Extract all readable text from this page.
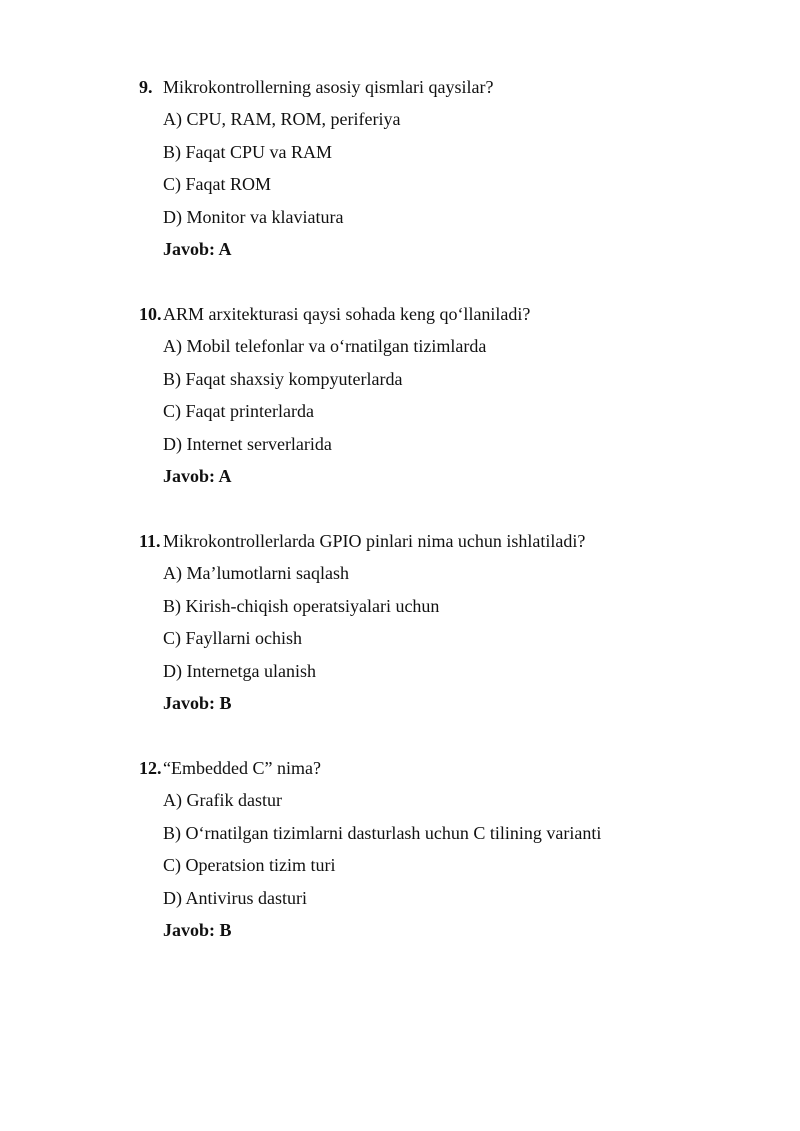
9. Mikrokontrollerning asosiy qismlari qaysilar?
A) CPU, RAM, ROM, periferiya
B) Faqat CPU va RAM
C) Faqat ROM
D) Monitor va klaviatura
Javob: A
10. ARM arxitekturasi qaysi sohada keng qo‘llaniladi?
A) Mobil telefonlar va o‘rnatilgan tizimlarda
B) Faqat shaxsiy kompyuterlarda
C) Faqat printerlarda
D) Internet serverlarida
Javob: A
11. Mikrokontrollerlarda GPIO pinlari nima uchun ishlatiladi?
A) Ma’lumotlarni saqlash
B) Kirish-chiqish operatsiyalari uchun
C) Fayllarni ochish
D) Internetga ulanish
Javob: B
12. “Embedded C” nima?
A) Grafik dastur
B) O‘rnatilgan tizimlarni dasturlash uchun C tilining varianti
C) Operatsion tizim turi
D) Antivirus dasturi
Javob: B
